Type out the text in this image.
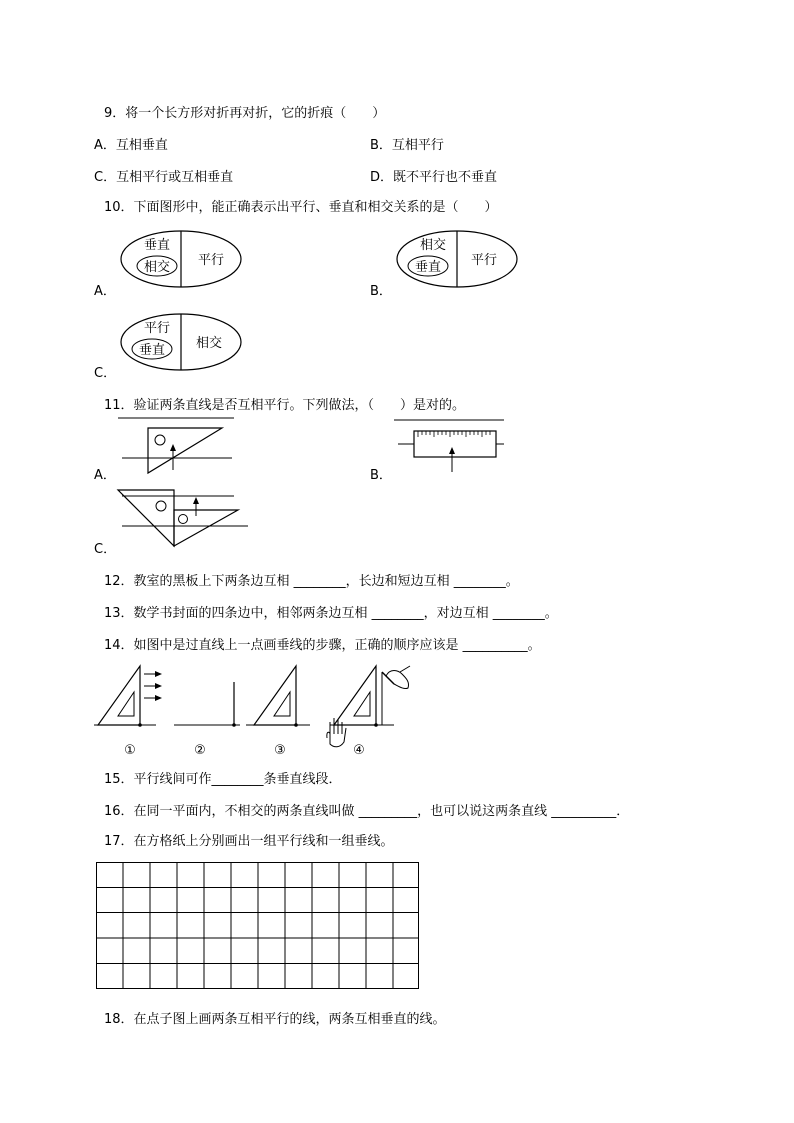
9．将一个长方形对折再对折，它的折痕（　　）
A．互相垂直	B．互相平行
C．互相平行或互相垂直	D．既不平行也不垂直
10．下面图形中，能正确表示出平行、垂直和相交关系的是（　　）
A．	B．
C．
垂直
相交 平行
相交
垂直 平行
平行
垂直 相交
11．验证两条直线是否互相平行。下列做法，（　　）是对的。
A．	B．
C．
12．教室的黑板上下两条边互相 ________，长边和短边互相 ________。
13．数学书封面的四条边中，相邻两条边互相 ________，对边互相 ________。
14．如图中是过直线上一点画垂线的步骤，正确的顺序应该是 __________。
①	②	③	④
15．平行线间可作________条垂直线段．
16．在同一平面内，不相交的两条直线叫做 _________，也可以说这两条直线 __________．
17．在方格纸上分别画出一组平行线和一组垂线。
18．在点子图上画两条互相平行的线，两条互相垂直的线。
